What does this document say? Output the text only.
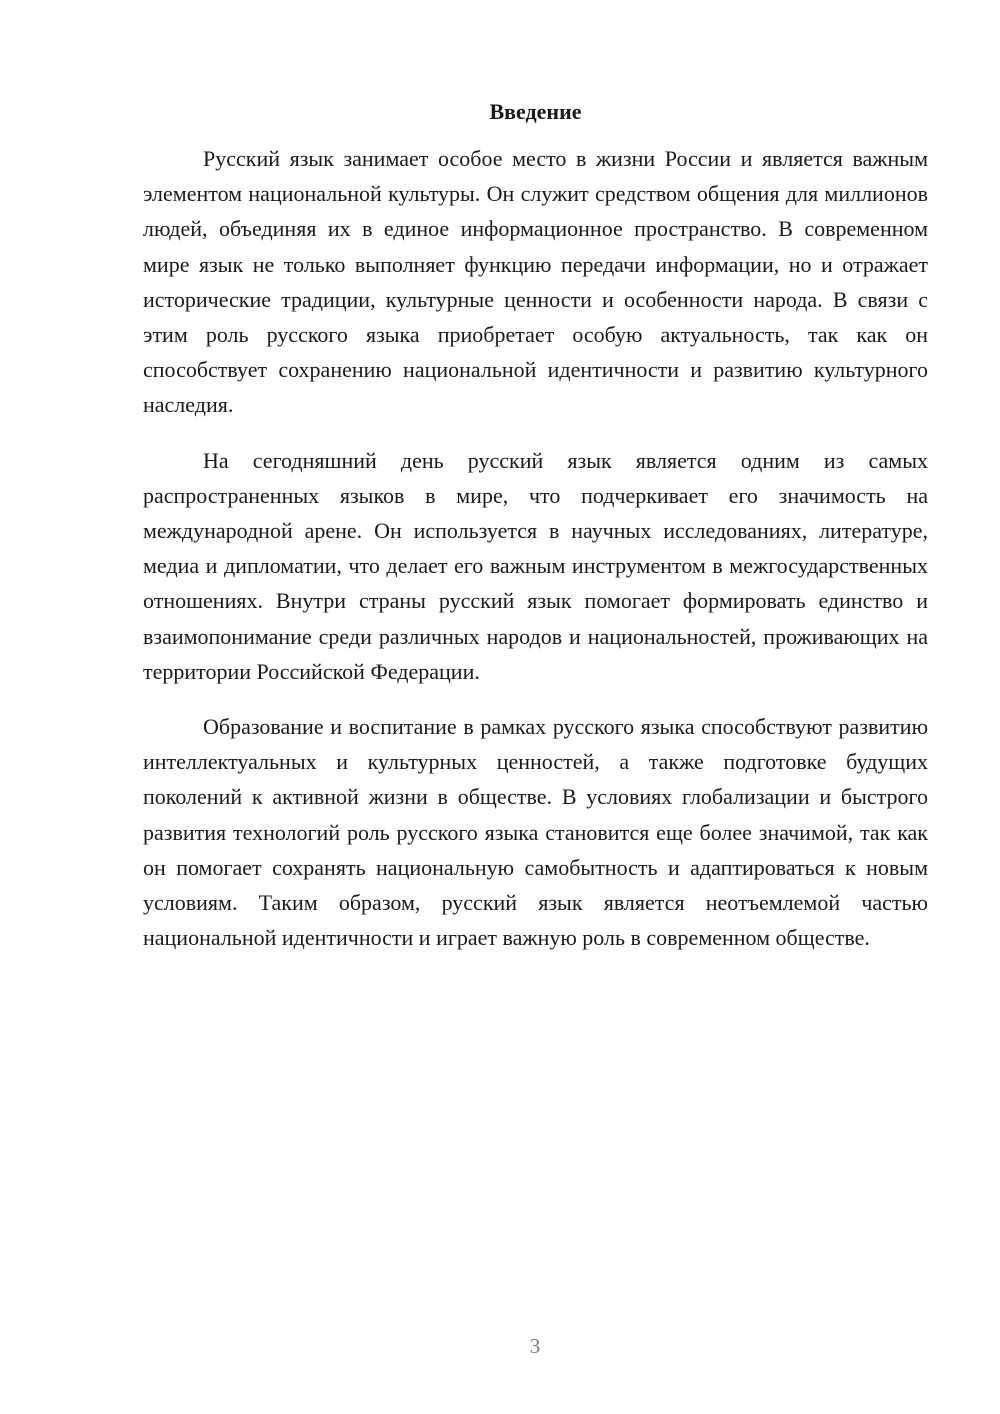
Введение

Русский язык занимает особое место в жизни России и является важным элементом национальной культуры. Он служит средством общения для миллионов людей, объединяя их в единое информационное пространство. В современном мире язык не только выполняет функцию передачи информации, но и отражает исторические традиции, культурные ценности и особенности народа. В связи с этим роль русского языка приобретает особую актуальность, так как он способствует сохранению национальной идентичности и развитию культурного наследия.

На сегодняшний день русский язык является одним из самых распространенных языков в мире, что подчеркивает его значимость на международной арене. Он используется в научных исследованиях, литературе, медиа и дипломатии, что делает его важным инструментом в межгосударственных отношениях. Внутри страны русский язык помогает формировать единство и взаимопонимание среди различных народов и национальностей, проживающих на территории Российской Федерации.

Образование и воспитание в рамках русского языка способствуют развитию интеллектуальных и культурных ценностей, а также подготовке будущих поколений к активной жизни в обществе. В условиях глобализации и быстрого развития технологий роль русского языка становится еще более значимой, так как он помогает сохранять национальную самобытность и адаптироваться к новым условиям. Таким образом, русский язык является неотъемлемой частью национальной идентичности и играет важную роль в современном обществе.

3
